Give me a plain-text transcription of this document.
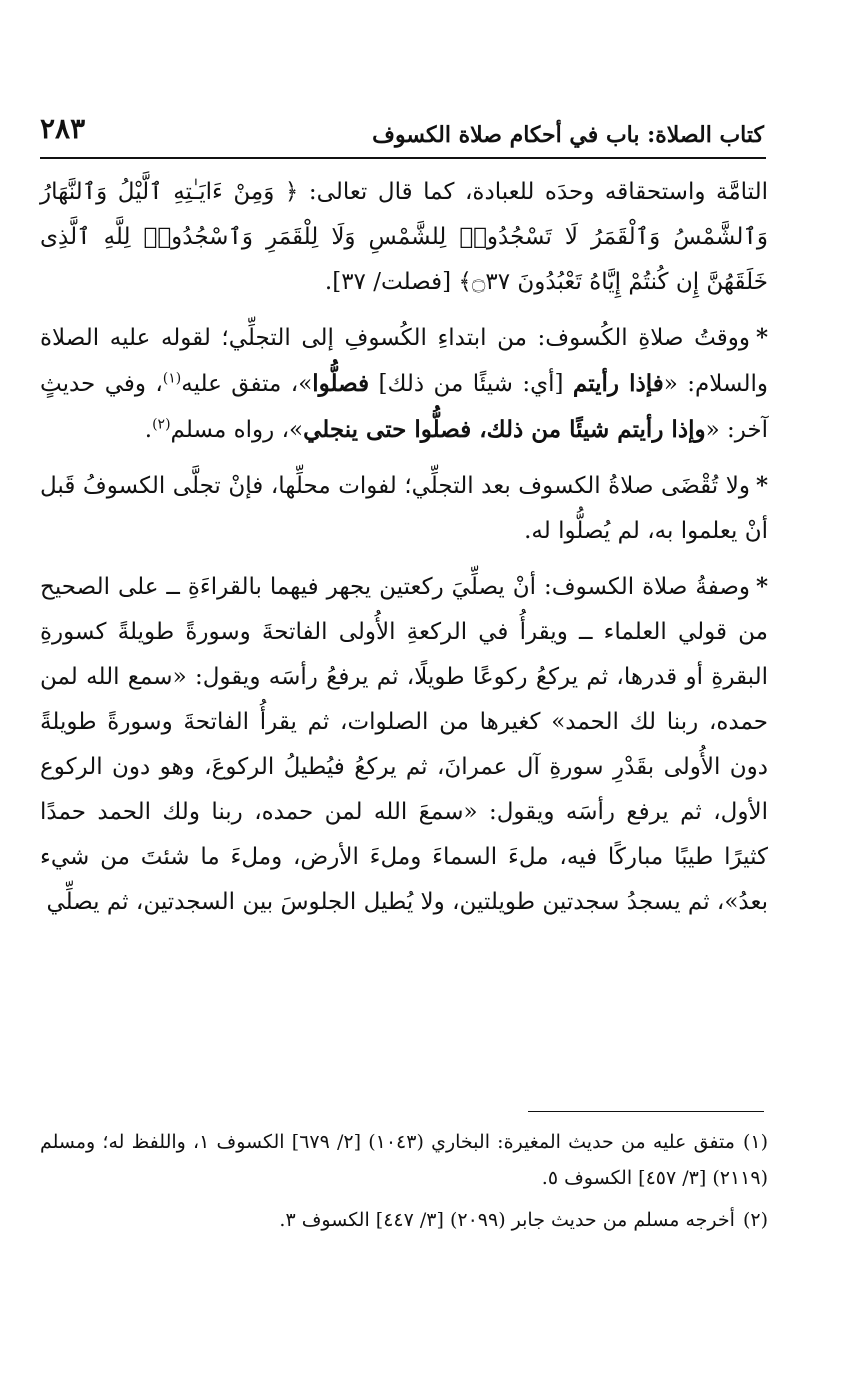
٢٨٣	كتاب الصلاة: باب في أحكام صلاة الكسوف

التامَّة واستحقاقه وحدَه للعبادة، كما قال تعالى: ﴿ وَمِنْ ءَايَـٰتِهِ ٱلَّيْلُ وَٱلنَّهَارُ وَٱلشَّمْسُ وَٱلْقَمَرُ لَا تَسْجُدُوا۟ لِلشَّمْسِ وَلَا لِلْقَمَرِ وَٱسْجُدُوا۟ لِلَّهِ ٱلَّذِى خَلَقَهُنَّ إِن كُنتُمْ إِيَّاهُ تَعْبُدُونَ ۝٣٧﴾ [فصلت/ ٣٧].

*ووقتُ صلاةِ الكُسوف: من ابتداءِ الكُسوفِ إلى التجلِّي؛ لقوله عليه الصلاة والسلام: «فإذا رأيتم [أي: شيئًا من ذلك] فصلُّوا»، متفق عليه$^{(١)}$، وفي حديثٍ آخر: «وإذا رأيتم شيئًا من ذلك، فصلُّوا حتى ينجلي»، رواه مسلم$^{(٢)}$.

*ولا تُقْضَى صلاةُ الكسوف بعد التجلِّي؛ لفوات محلِّها، فإنْ تجلَّى الكسوفُ قَبل أنْ يعلموا به، لم يُصلُّوا له.

*وصفةُ صلاة الكسوف: أنْ يصلِّيَ ركعتين يجهر فيهما بالقراءَةِ ــ على الصحيح من قولي العلماء ــ ويقرأُ في الركعةِ الأُولى الفاتحةَ وسورةً طويلةً كسورةِ البقرةِ أو قدرها، ثم يركعُ ركوعًا طويلًا، ثم يرفعُ رأسَه ويقول: «سمع الله لمن حمده، ربنا لك الحمد» كغيرها من الصلوات، ثم يقرأُ الفاتحةَ وسورةً طويلةً دون الأُولى بقَدْرِ سورةِ آل عمرانَ، ثم يركعُ فيُطيلُ الركوعَ، وهو دون الركوع الأول، ثم يرفع رأسَه ويقول: «سمعَ الله لمن حمده، ربنا ولك الحمد حمدًا كثيرًا طيبًا مباركًا فيه، ملءَ السماءَ وملءَ الأرض، وملءَ ما شئتَ من شيء بعدُ»، ثم يسجدُ سجدتين طويلتين، ولا يُطيل الجلوسَ بين السجدتين، ثم يصلِّي

(١)متفق عليه من حديث المغيرة: البخاري (١٠٤٣) [٢/ ٦٧٩] الكسوف ١، واللفظ له؛ ومسلم (٢١١٩) [٣/ ٤٥٧] الكسوف ٥.

(٢)أخرجه مسلم من حديث جابر (٢٠٩٩) [٣/ ٤٤٧] الكسوف ٣.
